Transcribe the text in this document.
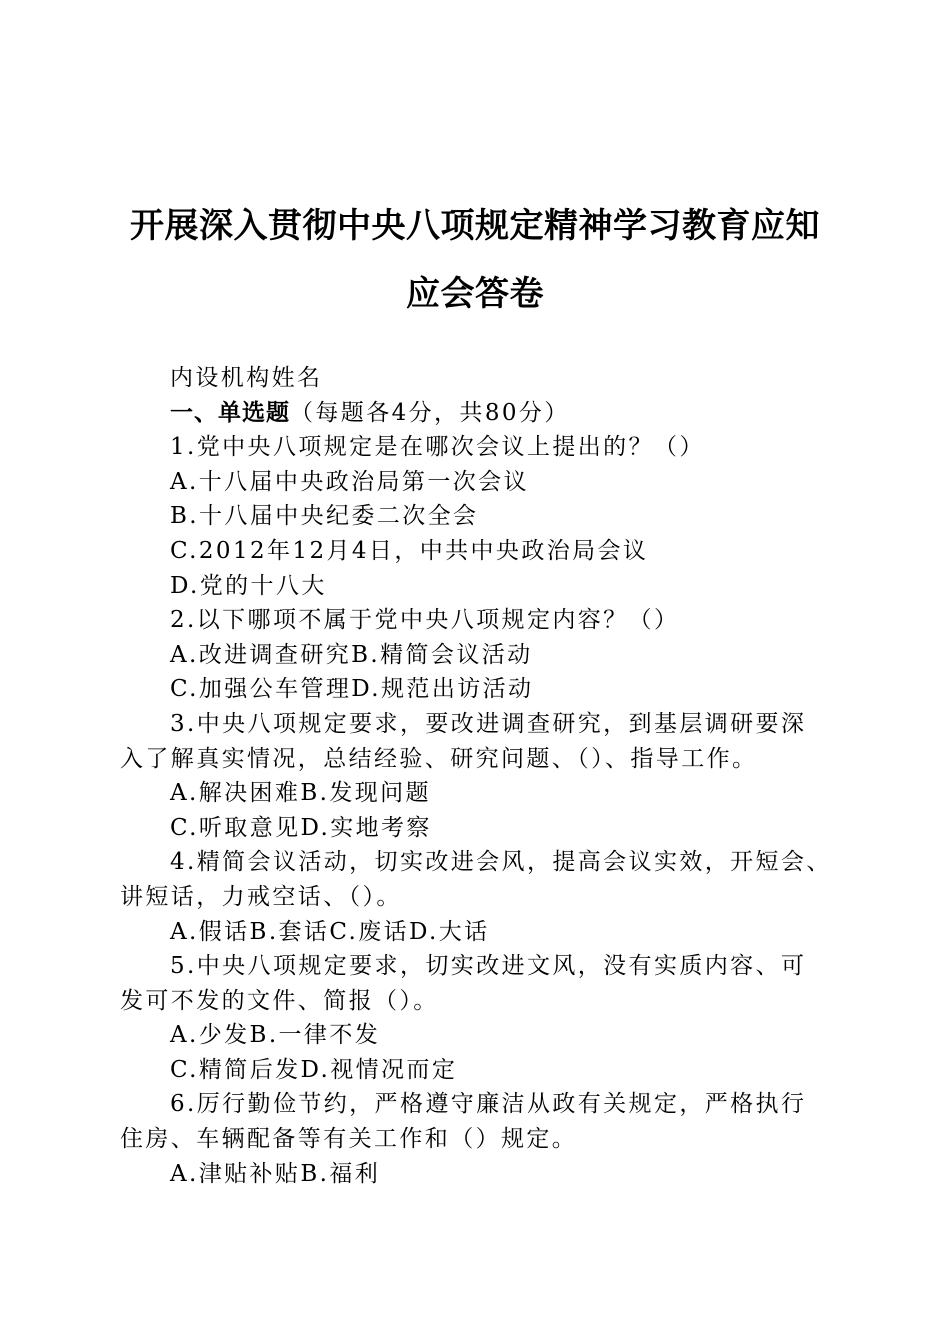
开展深入贯彻中央八项规定精神学习教育应知
应会答卷
内设机构姓名
一、单选题（每题各4分，共80分）
1.党中央八项规定是在哪次会议上提出的？（）
A.十八届中央政治局第一次会议
B.十八届中央纪委二次全会
C.2012年12月4日，中共中央政治局会议
D.党的十八大
2.以下哪项不属于党中央八项规定内容？（）
A.改进调查研究B.精简会议活动
C.加强公车管理D.规范出访活动
3.中央八项规定要求，要改进调查研究，到基层调研要深
入了解真实情况，总结经验、研究问题、（）、指导工作。
A.解决困难B.发现问题
C.听取意见D.实地考察
4.精简会议活动，切实改进会风，提高会议实效，开短会、
讲短话，力戒空话、（）。
A.假话B.套话C.废话D.大话
5.中央八项规定要求，切实改进文风，没有实质内容、可
发可不发的文件、简报（）。
A.少发B.一律不发
C.精简后发D.视情况而定
6.厉行勤俭节约，严格遵守廉洁从政有关规定，严格执行
住房、车辆配备等有关工作和（）规定。
A.津贴补贴B.福利
